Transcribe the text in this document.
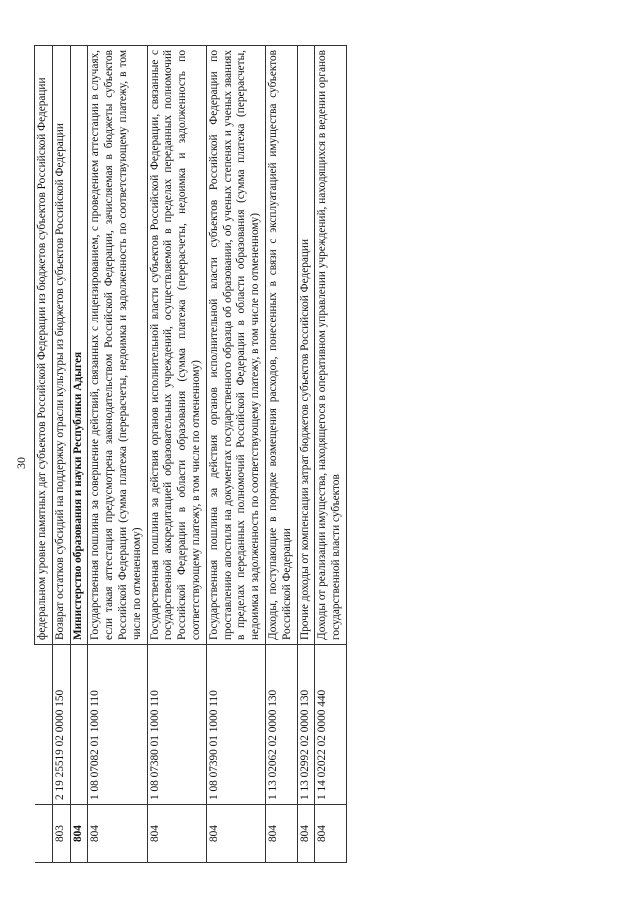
30
		федеральном уровне памятных дат субъектов Российской Федерации из бюджетов субъектов Российской Федерации
803	2 19 25519 02 0000 150	Возврат остатков субсидий на поддержку отрасли культуры из бюджетов субъектов Российской Федерации
804		Министерство образования и науки Республики Адыгея
804	1 08 07082 01 1000 110	Государственная пошлина за совершение действий, связанных с лицензированием, с проведением аттестации в случаях, если такая аттестация предусмотрена законодательством Российской Федерации, зачисляемая в бюджеты субъектов Российской Федерации (сумма платежа (перерасчеты, недоимка и задолженность по соответствующему платежу, в том числе по отмененному)
804	1 08 07380 01 1000 110	Государственная пошлина за действия органов исполнительной власти субъектов Российской Федерации, связанные с государственной аккредитацией образовательных учреждений, осуществляемой в пределах переданных полномочий Российской Федерации в области образования (сумма платежа (перерасчеты, недоимка и задолженность по соответствующему платежу, в том числе по отмененному)
804	1 08 07390 01 1000 110	Государственная пошлина за действия органов исполнительной власти субъектов Российской Федерации по проставлению апостиля на документах государственного образца об образовании, об ученых степенях и ученых званиях в пределах переданных полномочий Российской Федерации в области образования (сумма платежа (перерасчеты, недоимка и задолженность по соответствующему платежу, в том числе по отмененному)
804	1 13 02062 02 0000 130	Доходы, поступающие в порядке возмещения расходов, понесенных в связи с эксплуатацией имущества субъектов Российской Федерации
804	1 13 02992 02 0000 130	Прочие доходы от компенсации затрат бюджетов субъектов Российской Федерации
804	1 14 02022 02 0000 440	Доходы от реализации имущества, находящегося в оперативном управлении учреждений, находящихся в ведении органов государственной власти субъектов
